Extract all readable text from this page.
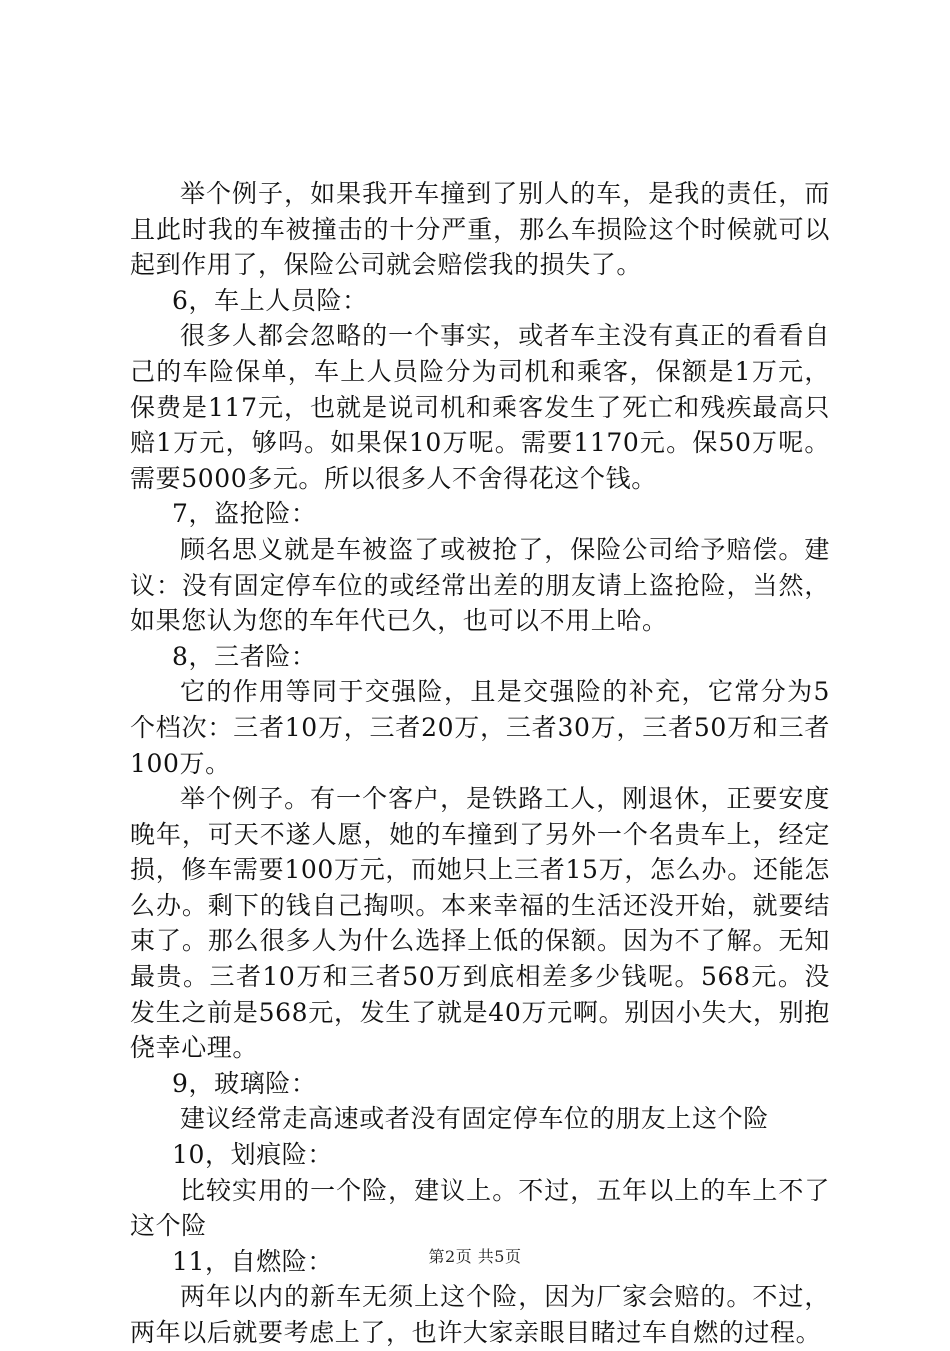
举个例子，如果我开车撞到了别人的车，是我的责任，而且此时我的车被撞击的十分严重，那么车损险这个时候就可以起到作用了，保险公司就会赔偿我的损失了。

6，车上人员险：

很多人都会忽略的一个事实，或者车主没有真正的看看自己的车险保单，车上人员险分为司机和乘客，保额是1万元，保费是117元，也就是说司机和乘客发生了死亡和残疾最高只赔1万元，够吗。如果保10万呢。需要1170元。保50万呢。需要5000多元。所以很多人不舍得花这个钱。

7，盗抢险：

顾名思义就是车被盗了或被抢了，保险公司给予赔偿。建议：没有固定停车位的或经常出差的朋友请上盗抢险，当然，如果您认为您的车年代已久，也可以不用上哈。

8，三者险：

它的作用等同于交强险，且是交强险的补充，它常分为5个档次：三者10万，三者20万，三者30万，三者50万和三者100万。

举个例子。有一个客户，是铁路工人，刚退休，正要安度晚年，可天不遂人愿，她的车撞到了另外一个名贵车上，经定损，修车需要100万元，而她只上三者15万，怎么办。还能怎么办。剩下的钱自己掏呗。本来幸福的生活还没开始，就要结束了。那么很多人为什么选择上低的保额。因为不了解。无知最贵。三者10万和三者50万到底相差多少钱呢。568元。没发生之前是568元，发生了就是40万元啊。别因小失大，别抱侥幸心理。

9，玻璃险：

建议经常走高速或者没有固定停车位的朋友上这个险

10，划痕险：

比较实用的一个险，建议上。不过，五年以上的车上不了这个险

11，自燃险：

两年以内的新车无须上这个险，因为厂家会赔的。不过，两年以后就要考虑上了，也许大家亲眼目睹过车自燃的过程。

第2页 共5页
